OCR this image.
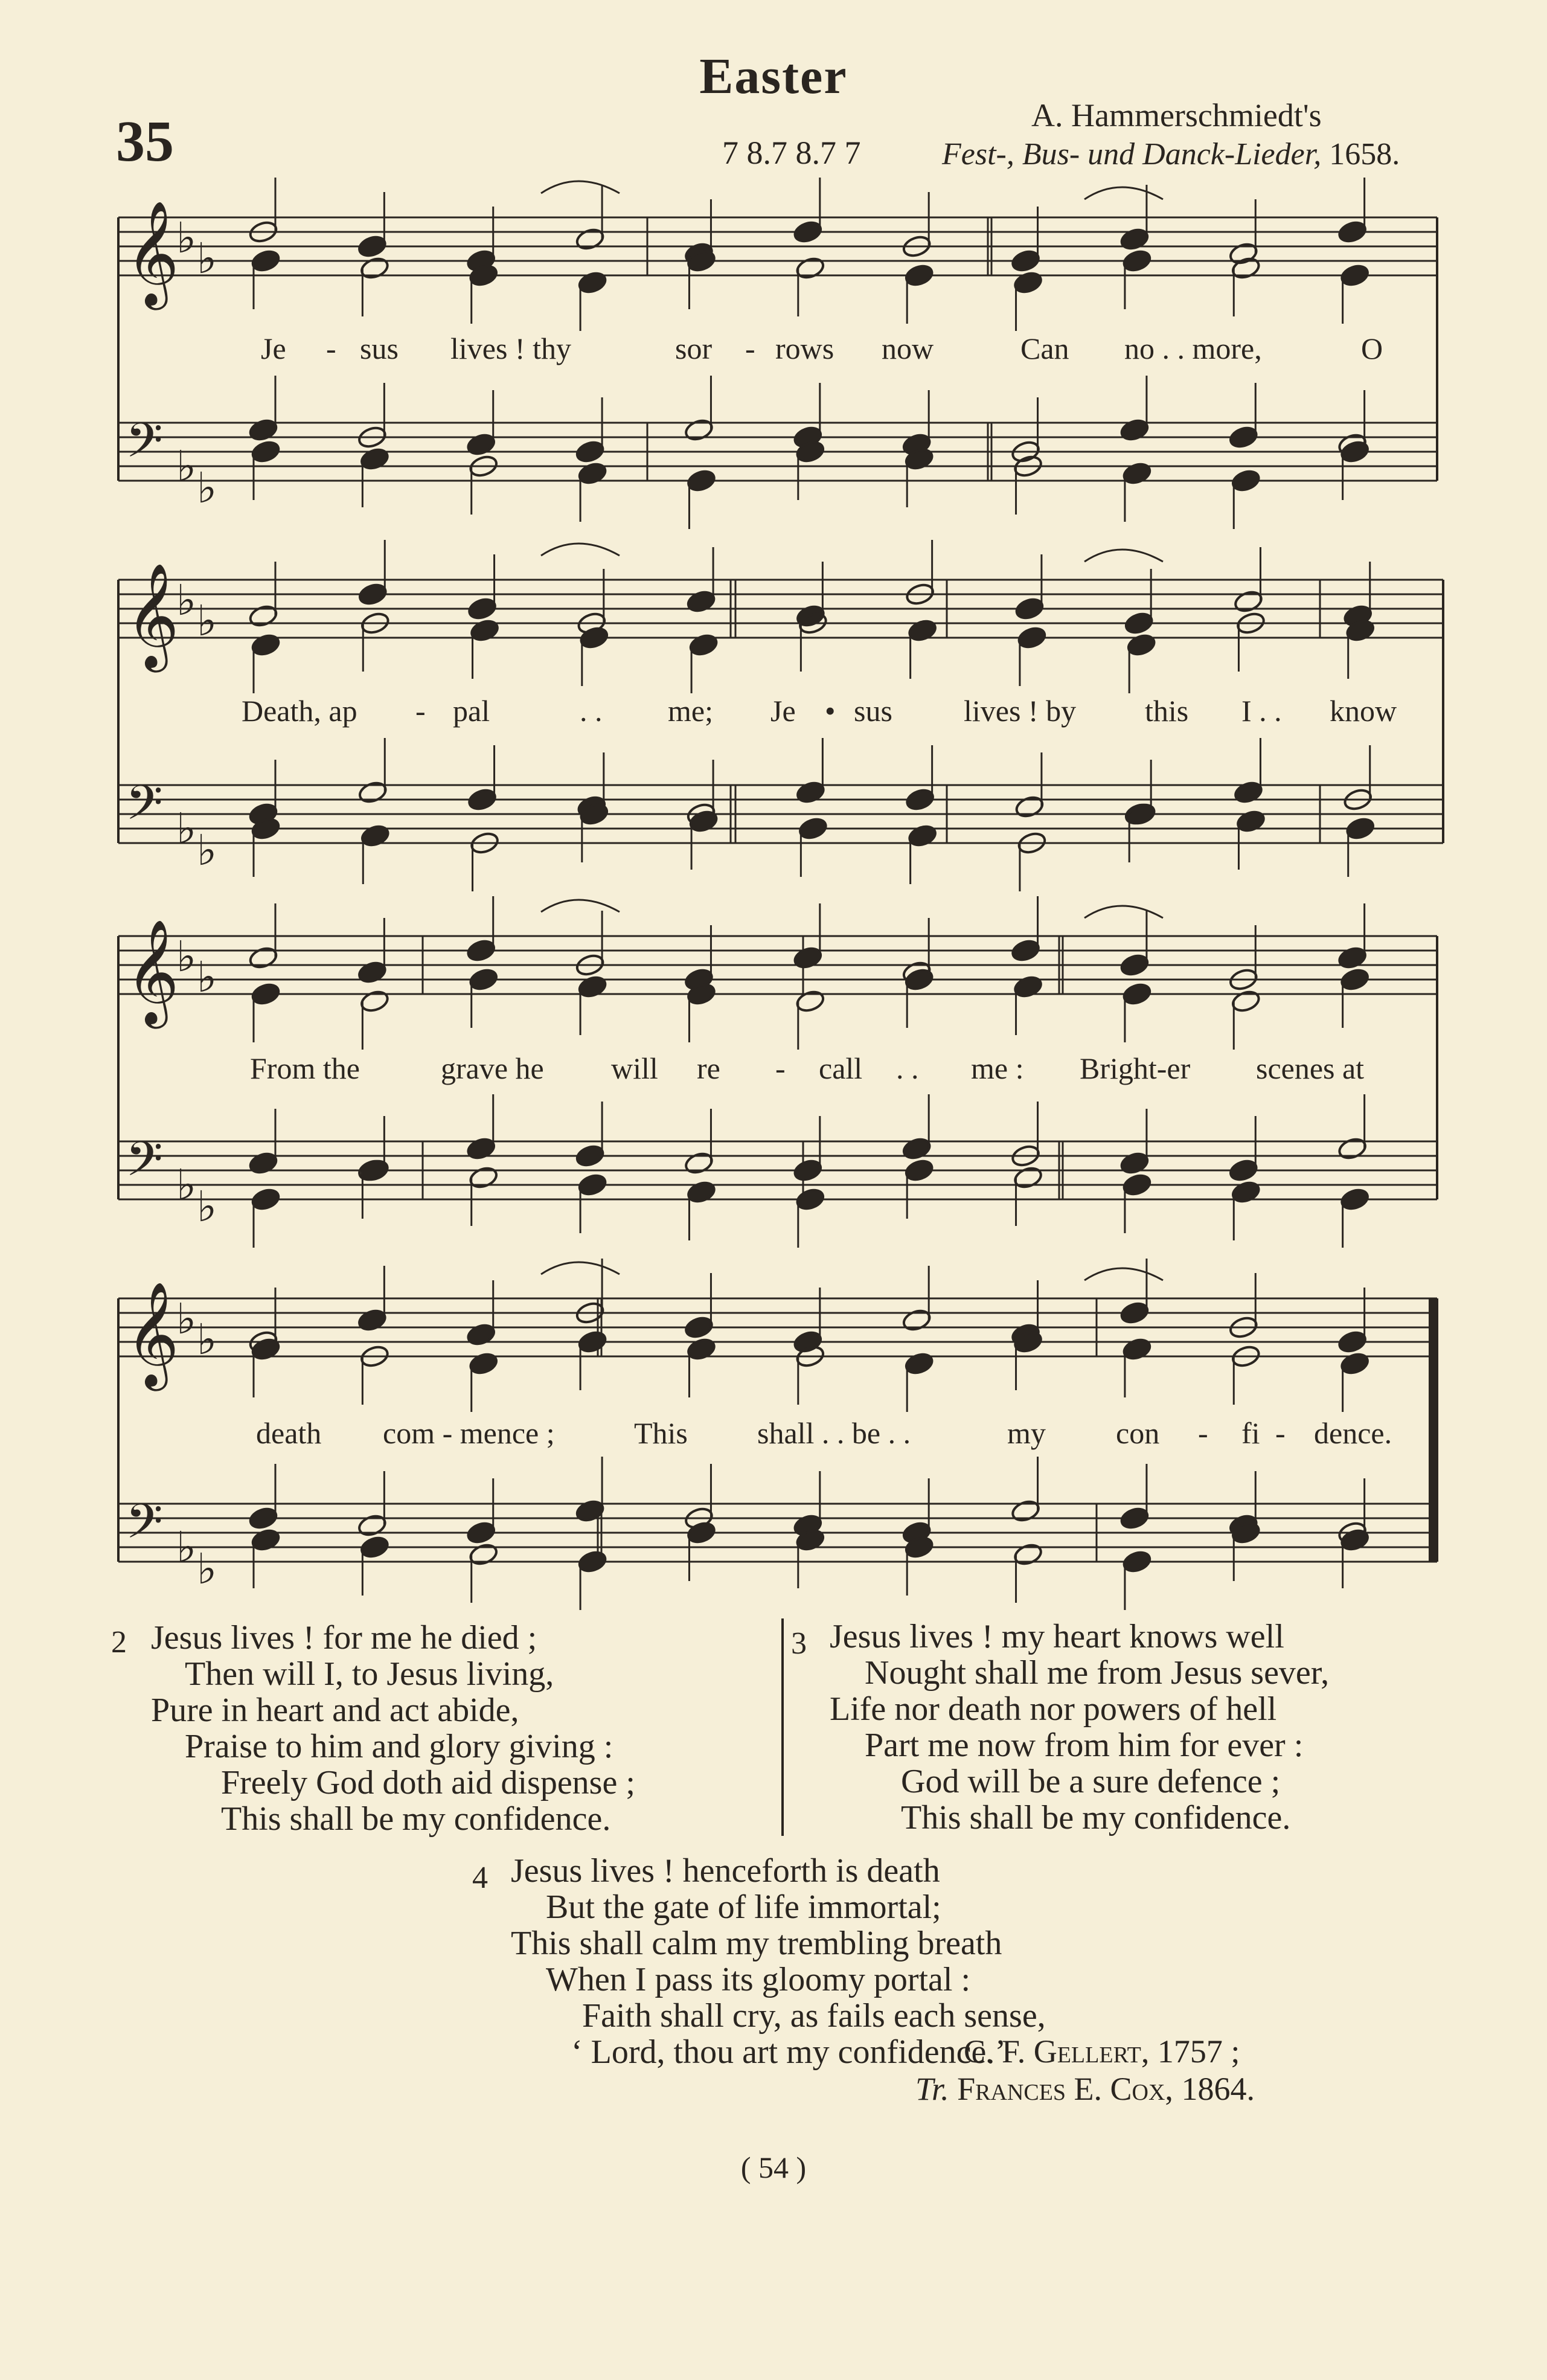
Easter
35	7 8.7 8.7 7
A. Hammerschmiedt's
Fest-, Bus- und Danck-Lieder, 1658.
𝄞
♭ ♭
𝄢 ♭ ♭
𝄞
♭ ♭
𝄢 ♭ ♭
𝄞
♭ ♭
𝄢 ♭ ♭
𝄞
♭ ♭
𝄢 ♭ ♭
Je - sus lives ! thy	sor - rows now	Can no . . more,	O
Death, ap - pal	. . me; Je • sus lives ! by this I . . know
From the	grave he will re - call . . me : Bright-er scenes at
death com - mence ;	This shall . . be . .	my con - fi - dence.
2 Jesus lives ! for me he died ;
Then will I, to Jesus living,
Pure in heart and act abide,
Praise to him and glory giving :
Freely God doth aid dispense ;
This shall be my confidence.
3 Jesus lives ! my heart knows well
Nought shall me from Jesus sever,
Life nor death nor powers of hell
Part me now from him for ever :
God will be a sure defence ;
This shall be my confidence.
4 Jesus lives ! henceforth is death
But the gate of life immortal;
This shall calm my trembling breath
When I pass its gloomy portal :
Faith shall cry, as fails each sense,
‘ Lord, thou art my confidence.’
C. F. Gellert, 1757 ;
Tr. Frances E. Cox, 1864.
( 54 )
